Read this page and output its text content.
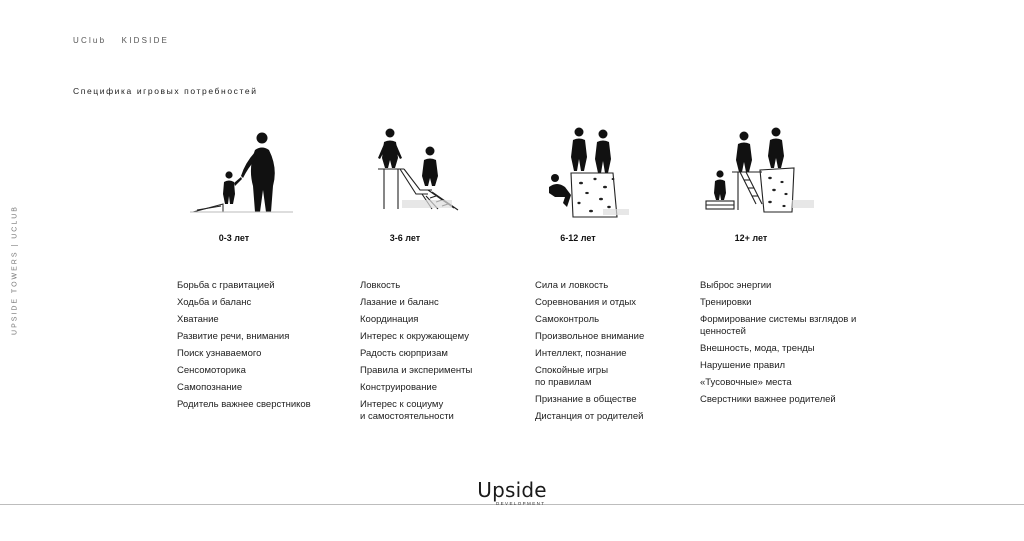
UClub KIDSIDE
Специфика игровых потребностей
UPSIDE TOWERS | UCLUB	0-3 лет	3-6 лет	6-12 лет	12+ лет
Борьба с гравитацией
Ходьба и баланс
Хватание
Развитие речи, внимания
Поиск узнаваемого
Сенсомоторика
Самопознание
Родитель важнее сверстников
Ловкость
Лазание и баланс
Координация
Интерес к окружающему
Радость сюрпризам
Правила и эксперименты
Конструирование
Интерес к социуму
и самостоятельности
Сила и ловкость
Соревнования и отдых
Самоконтроль
Произвольное внимание
Интеллект, познание
Спокойные игры
по правилам
Признание в обществе
Дистанция от родителей
Выброс энергии
Тренировки
Формирование системы взглядов и
ценностей
Внешность, мода, тренды
Нарушение правил
«Тусовочные» места
Сверстники важнее родителей
Upside
DEVELOPMENT
